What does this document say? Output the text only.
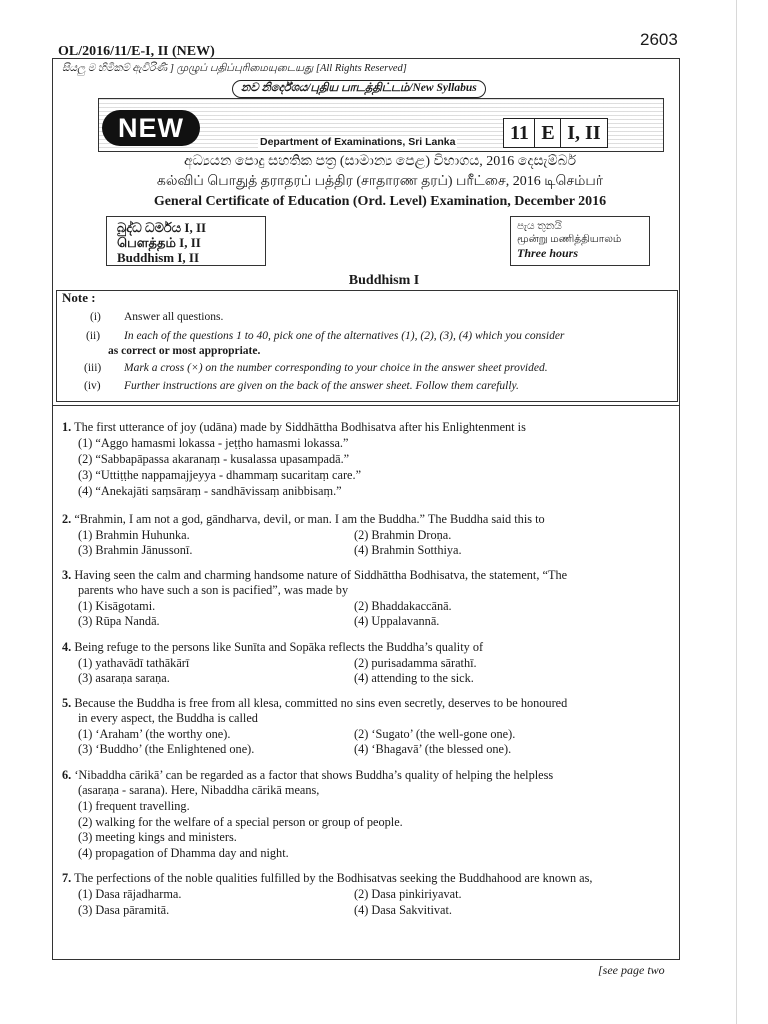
2603
OL/2016/11/E-I, II (NEW)
සියලු ම හිමිකම් ඇවිරිණි ] முழுப் பதிப்புரிமையுடையது [All Rights Reserved]
නව නිර්දේශය/புதிய பாடத்திட்டம்/New Syllabus
NEW	Department of Examinations, Sri Lanka	11 E I, II
අධ්‍යයන පොදු සහතික පත්‍ර (සාමාන්‍ය පෙළ) විභාගය, 2016 දෙසැම්බර්
கல்விப் பொதுத் தராதரப் பத்திர (சாதாரண தரப்) பரீட்சை, 2016 டிசெம்பர்
General Certificate of Education (Ord. Level) Examination, December 2016
බුද්ධ ධර්මය I, II
பௌத்தம் I, II
Buddhism I, II
පැය තුනයි
மூன்று மணித்தியாலம்
Three hours
Buddhism I
Note :
(i) Answer all questions.
(ii) In each of the questions 1 to 40, pick one of the alternatives (1), (2), (3), (4) which you consider
as correct or most appropriate.
(iii) Mark a cross (×) on the number corresponding to your choice in the answer sheet provided.
(iv) Further instructions are given on the back of the answer sheet. Follow them carefully.
1. The first utterance of joy (udāna) made by Siddhāttha Bodhisatva after his Enlightenment is
(1) “Aggo hamasmi lokassa - jeṭṭho hamasmi lokassa.”
(2) “Sabbapāpassa akaranaṃ - kusalassa upasampadā.”
(3) “Uttiṭṭhe nappamajjeyya - dhammaṃ sucaritaṃ care.”
(4) “Anekajāti saṃsāraṃ - sandhāvissaṃ anibbisaṃ.”
2. “Brahmin, I am not a god, gāndharva, devil, or man. I am the Buddha.” The Buddha said this to
(1) Brahmin Huhunka.	(2) Brahmin Droṇa.
(3) Brahmin Jānussonī.	(4) Brahmin Sotthiya.
3. Having seen the calm and charming handsome nature of Siddhāttha Bodhisatva, the statement, “The
parents who have such a son is pacified”, was made by
(1) Kisāgotami.	(2) Bhaddakaccānā.
(3) Rūpa Nandā.	(4) Uppalavannā.
4. Being refuge to the persons like Sunīta and Sopāka reflects the Buddha’s quality of
(1) yathavādī tathākārī	(2) purisadamma sārathī.
(3) asaraṇa saraṇa.	(4) attending to the sick.
5. Because the Buddha is free from all klesa, committed no sins even secretly, deserves to be honoured
in every aspect, the Buddha is called
(1) ‘Araham’ (the worthy one).	(2) ‘Sugato’ (the well-gone one).
(3) ‘Buddho’ (the Enlightened one).	(4) ‘Bhagavā’ (the blessed one).
6. ‘Nibaddha cārikā’ can be regarded as a factor that shows Buddha’s quality of helping the helpless
(asaraṇa - sarana). Here, Nibaddha cārikā means,
(1) frequent travelling.
(2) walking for the welfare of a special person or group of people.
(3) meeting kings and ministers.
(4) propagation of Dhamma day and night.
7. The perfections of the noble qualities fulfilled by the Bodhisatvas seeking the Buddhahood are known as,
(1) Dasa rājadharma.	(2) Dasa pinkiriyavat.
(3) Dasa pāramitā.	(4) Dasa Sakvitivat.
[see page two
